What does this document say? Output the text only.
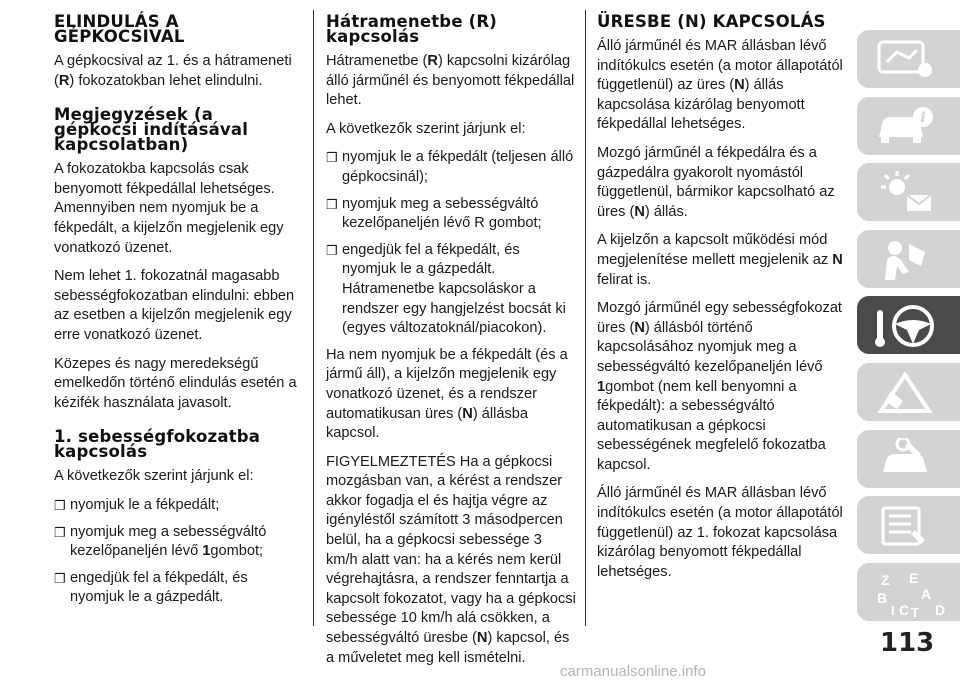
ELINDULÁS A GÉPKOCSIVAL

A gépkocsival az 1. és a hátrameneti (R) fokozatokban lehet elindulni.

Megjegyzések (a gépkocsi indításával kapcsolatban)

A fokozatokba kapcsolás csak benyomott fékpedállal lehetséges. Amennyiben nem nyomjuk be a fékpedált, a kijelzőn megjelenik egy vonatkozó üzenet.

Nem lehet 1. fokozatnál magasabb sebességfokozatban elindulni: ebben az esetben a kijelzőn megjelenik egy erre vonatkozó üzenet.

Közepes és nagy meredekségű emelkedőn történő elindulás esetén a kézifék használata javasolt.

1. sebességfokozatba kapcsolás

A következők szerint járjunk el:

❒ nyomjuk le a fékpedált;
❒ nyomjuk meg a sebességváltó kezelőpaneljén lévő 1gombot;
❒ engedjük fel a fékpedált, és nyomjuk le a gázpedált.
Hátramenetbe (R) kapcsolás

Hátramenetbe (R) kapcsolni kizárólag álló járműnél és benyomott fékpedállal lehet.

A következők szerint járjunk el:

❒ nyomjuk le a fékpedált (teljesen álló gépkocsinál);
❒ nyomjuk meg a sebességváltó kezelőpaneljén lévő R gombot;
❒ engedjük fel a fékpedált, és nyomjuk le a gázpedált. Hátramenetbe kapcsoláskor a rendszer egy hangjelzést bocsát ki (egyes változatoknál/piacokon).

Ha nem nyomjuk be a fékpedált (és a jármű áll), a kijelzőn megjelenik egy vonatkozó üzenet, és a rendszer automatikusan üres (N) állásba kapcsol.

FIGYELMEZTETÉS Ha a gépkocsi mozgásban van, a kérést a rendszer akkor fogadja el és hajtja végre az igényléstől számított 3 másodpercen belül, ha a gépkocsi sebessége 3 km/h alatt van: ha a kérés nem kerül végrehajtásra, a rendszer fenntartja a kapcsolt fokozatot, vagy ha a gépkocsi sebessége 10 km/h alá csökken, a sebességváltó üresbe (N) kapcsol, és a műveletet meg kell ismételni.

ÜRESBE (N) KAPCSOLÁS

Álló járműnél és MAR állásban lévő indítókulcs esetén (a motor állapotától függetlenül) az üres (N) állás kapcsolása kizárólag benyomott fékpedállal lehetséges.

Mozgó járműnél a fékpedálra és a gázpedálra gyakorolt nyomástól függetlenül, bármikor kapcsolható az üres (N) állás.

A kijelzőn a kapcsolt működési mód megjelenítése mellett megjelenik az N felirat is.

Mozgó járműnél egy sebességfokozat üres (N) állásból történő kapcsolásához nyomjuk meg a sebességváltó kezelőpaneljén lévő 1gombot (nem kell benyomni a fékpedált): a sebességváltó automatikusan a gépkocsi sebességének megfelelő fokozatba kapcsol.

Álló járműnél és MAR állásban lévő indítókulcs esetén (a motor állapotától függetlenül) az 1. fokozat kapcsolása kizárólag benyomott fékpedállal lehetséges.

i
Z E
B A
I C T D
113
carmanualsonline.info
